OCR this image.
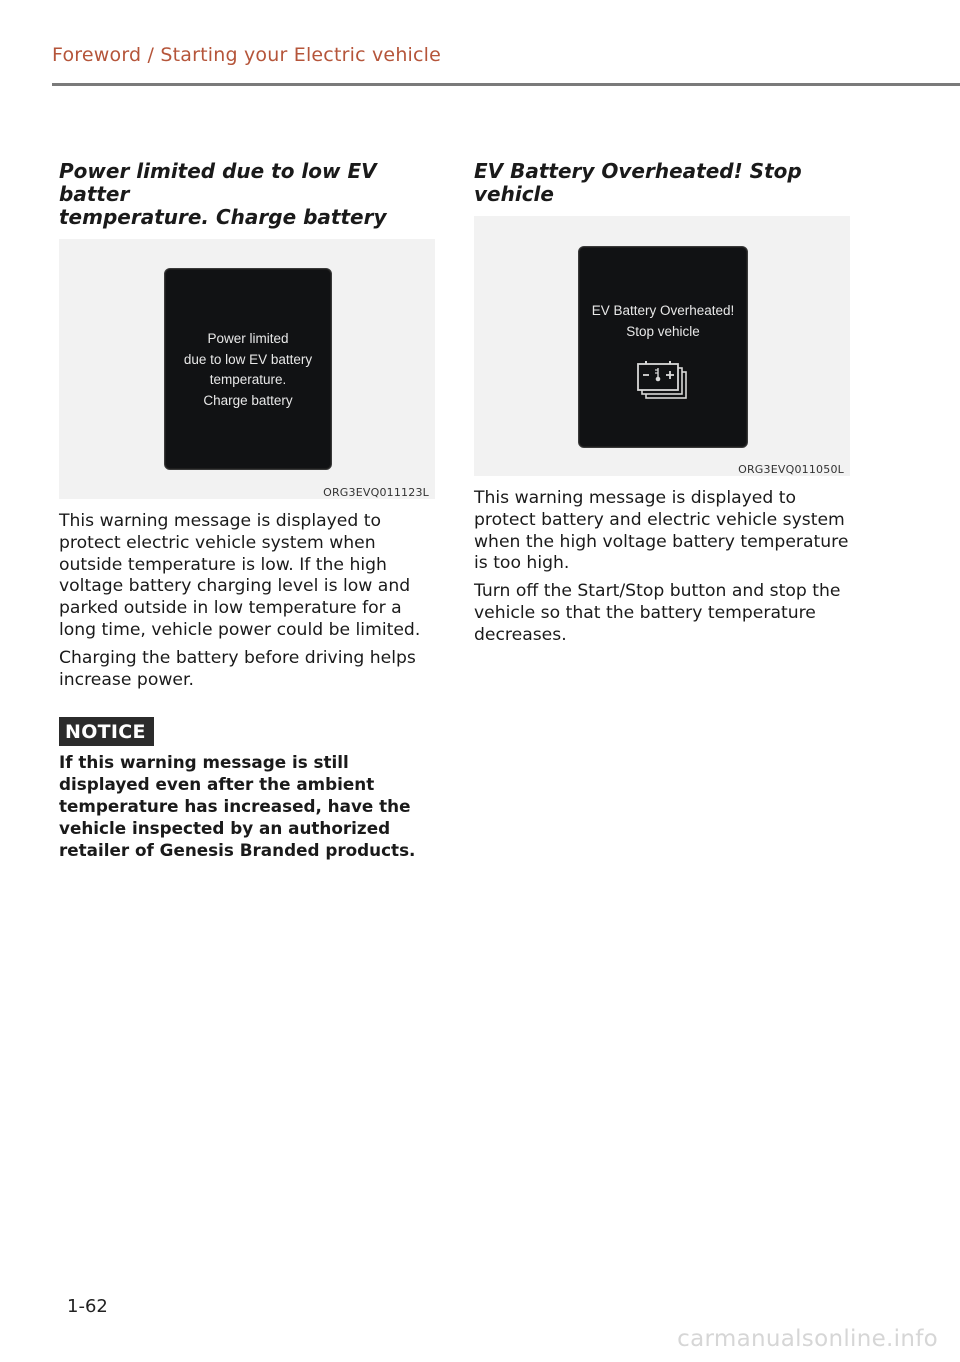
Foreword / Starting your Electric vehicle
Power limited due to low EV batter
temperature. Charge battery
Power limited
due to low EV battery
temperature.
Charge battery
ORG3EVQ011123L

This warning message is displayed to protect electric vehicle system when outside temperature is low. If the high voltage battery charging level is low and parked outside in low temperature for a long time, vehicle power could be limited.

Charging the battery before driving helps increase power.

NOTICE

If this warning message is still displayed even after the ambient temperature has increased, have the vehicle inspected by an authorized retailer of Genesis Branded products.

EV Battery Overheated! Stop vehicle
EV Battery Overheated!
Stop vehicle
ORG3EVQ011050L

This warning message is displayed to protect battery and electric vehicle system when the high voltage battery temperature is too high.

Turn off the Start/Stop button and stop the vehicle so that the battery temperature decreases.

1-62
carmanualsonline.info
